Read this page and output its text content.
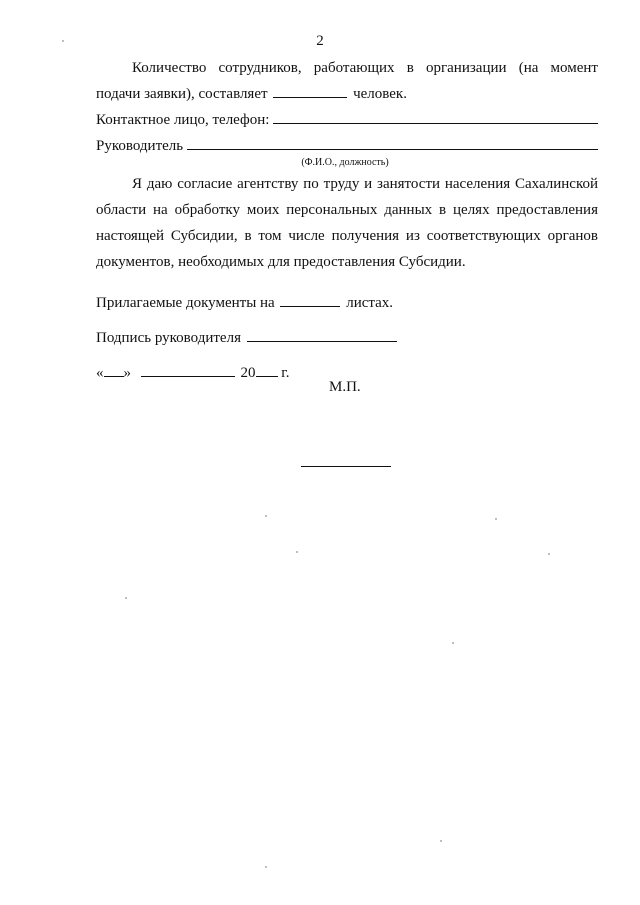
2
Количество сотрудников, работающих в организации (на момент
подачи заявки), составляет	человек.
Контактное лицо, телефон:
Руководитель
(Ф.И.О., должность)
Я даю согласие агентству по труду и занятости населения Сахалинской
области на обработку моих персональных данных в целях предоставления
настоящей Субсидии, в том числе получения из соответствующих органов
документов, необходимых для предоставления Субсидии.
Прилагаемые документы на	листах.
Подпись руководителя
« »	20 г.
М.П.
